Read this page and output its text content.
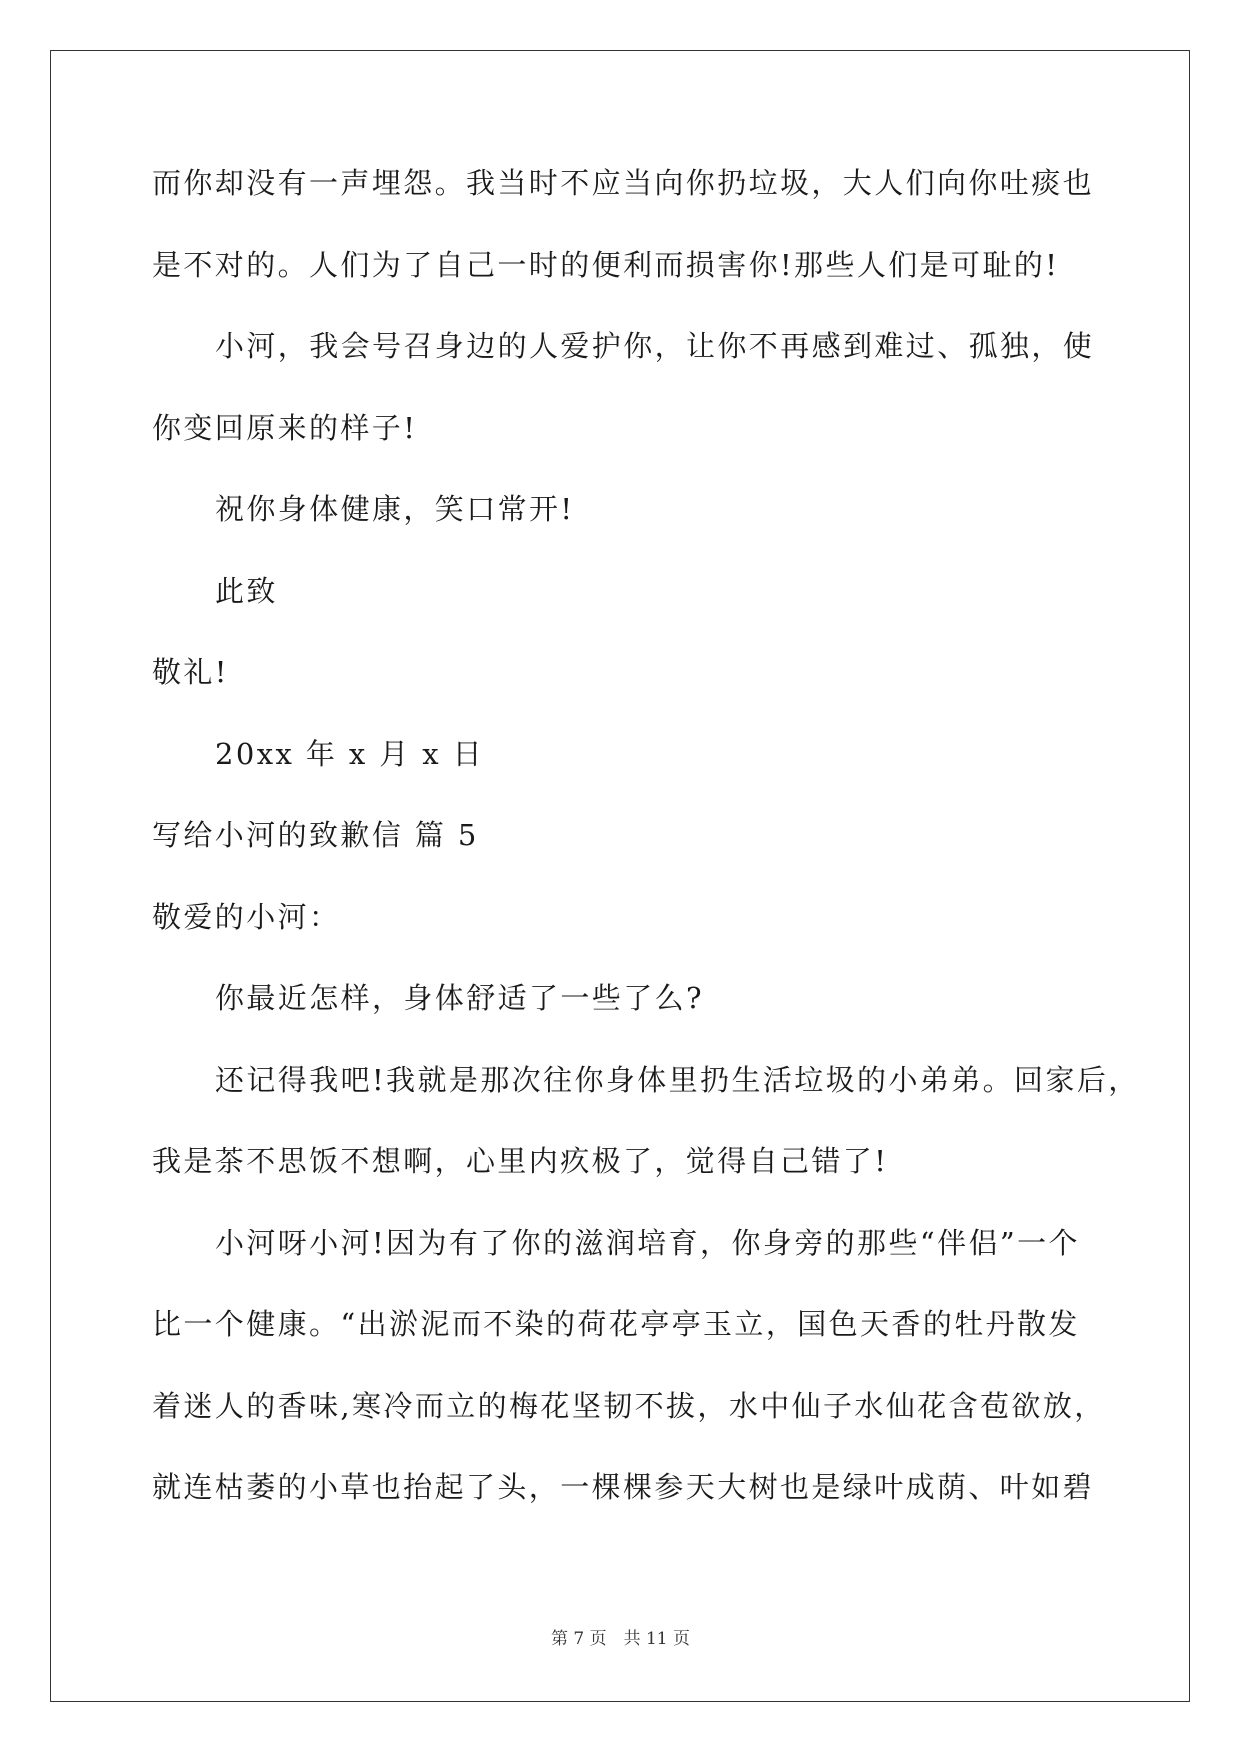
而你却没有一声埋怨。我当时不应当向你扔垃圾，大人们向你吐痰也
是不对的。人们为了自己一时的便利而损害你!那些人们是可耻的!
小河，我会号召身边的人爱护你，让你不再感到难过、孤独，使
你变回原来的样子!
祝你身体健康，笑口常开!
此致
敬礼!
20xx 年 x 月 x 日
写给小河的致歉信 篇 5
敬爱的小河：
你最近怎样，身体舒适了一些了么?
还记得我吧!我就是那次往你身体里扔生活垃圾的小弟弟。回家后，
我是茶不思饭不想啊，心里内疚极了，觉得自己错了!
小河呀小河!因为有了你的滋润培育，你身旁的那些“伴侣”一个
比一个健康。“出淤泥而不染的荷花亭亭玉立，国色天香的牡丹散发
着迷人的香味,寒冷而立的梅花坚韧不拔，水中仙子水仙花含苞欲放，
就连枯萎的小草也抬起了头，一棵棵参天大树也是绿叶成荫、叶如碧
第 7 页　共 11 页
